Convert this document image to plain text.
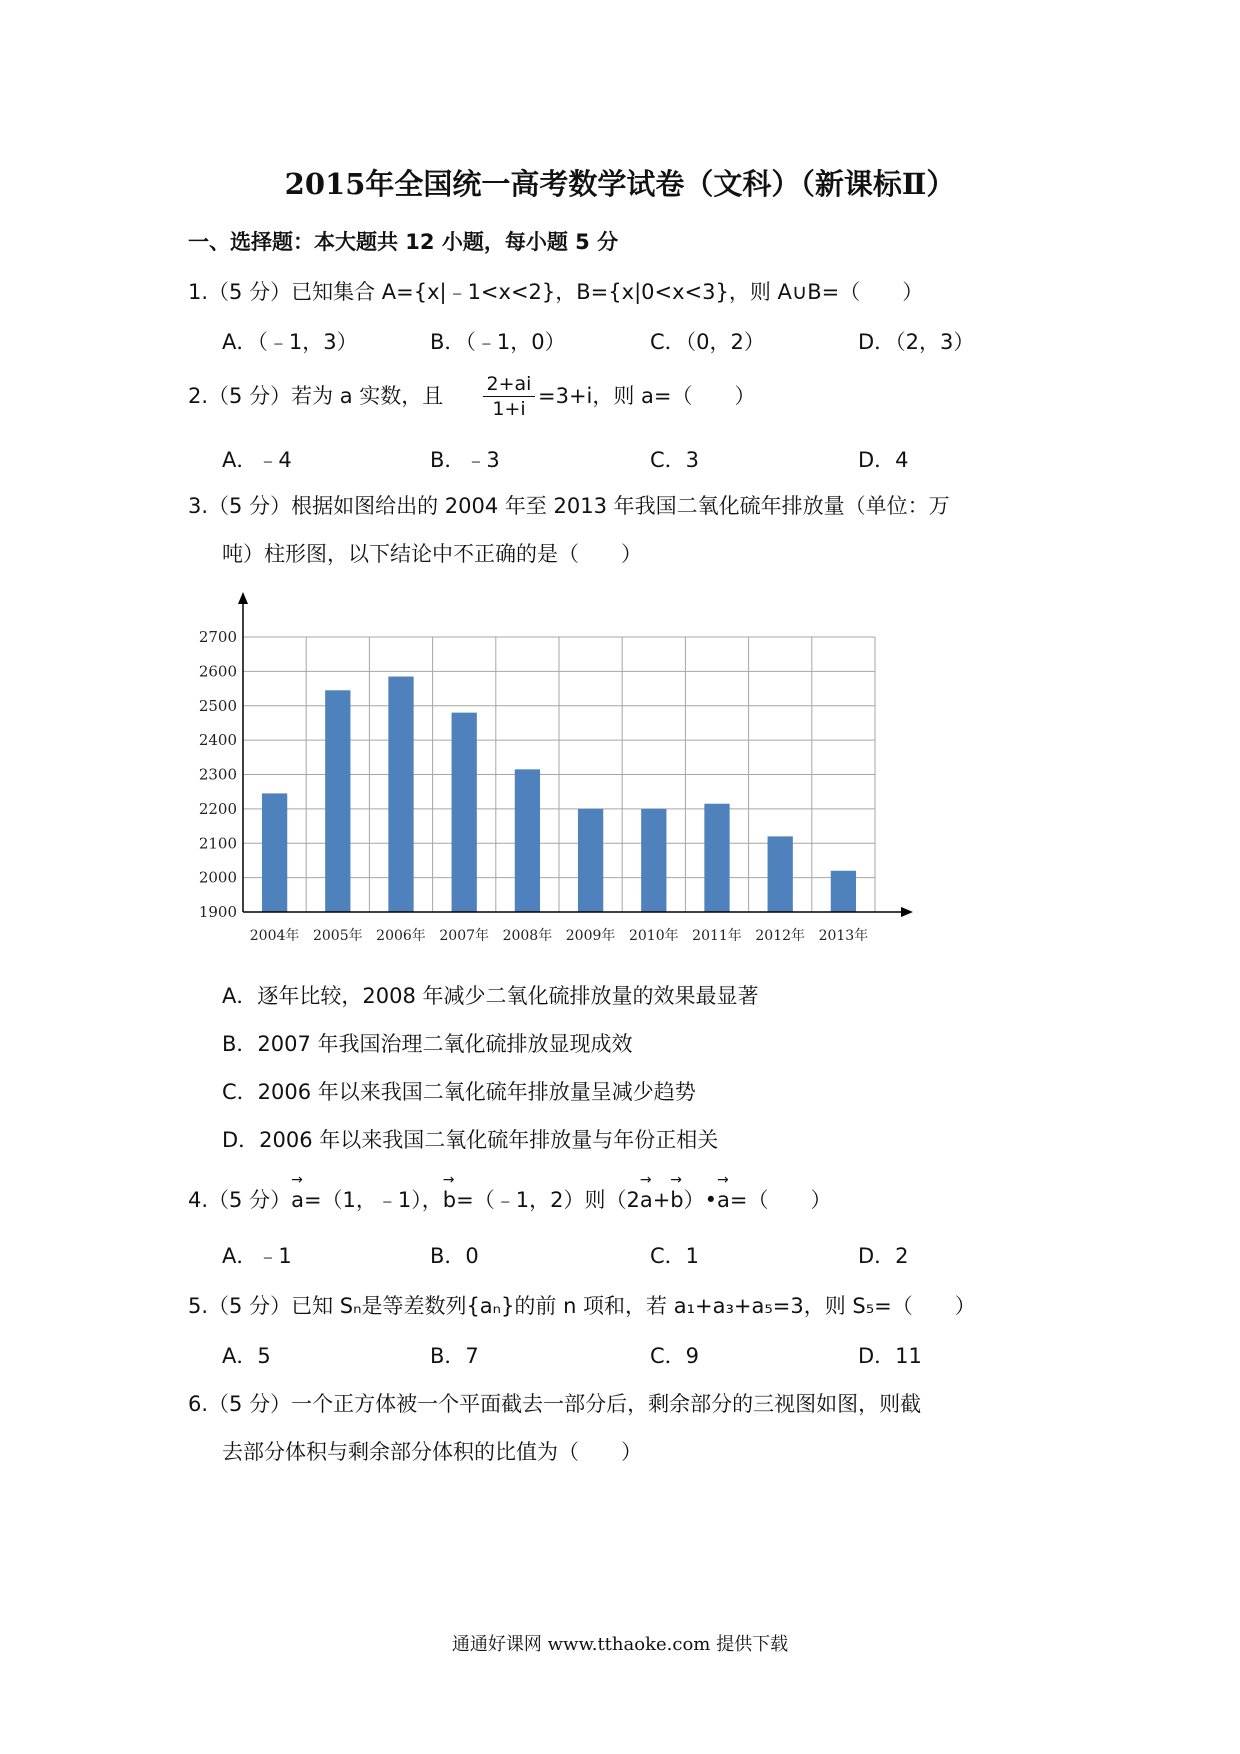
2015年全国统一高考数学试卷（文科）（新课标Ⅱ）
一、选择题：本大题共 12 小题，每小题 5 分
1.（5 分）已知集合 A={x|﹣1<x<2}，B={x|0<x<3}，则 A∪B=（　　）
A．（﹣1，3）	B．（﹣1，0）	C．（0，2）	D．（2，3）
2.（5 分）若为 a 实数，且 $\frac{2+ai}{1+i} =3+i$，则 a=（　　）
A．﹣4	B．﹣3	C．3	D．4
3.（5 分）根据如图给出的 2004 年至 2013 年我国二氧化硫年排放量（单位：万
吨）柱形图，以下结论中不正确的是（　　）
1900
2000
2100
2200
2300
2400
2500
2600
2700
2004年 2005年 2006年 2007年 2008年 2009年 2010年 2011年 2012年 2013年
A．逐年比较，2008 年减少二氧化硫排放量的效果最显著
B．2007 年我国治理二氧化硫排放显现成效
C．2006 年以来我国二氧化硫年排放量呈减少趋势
D．2006 年以来我国二氧化硫年排放量与年份正相关
4.（5 分）
→
a=（1，﹣1），
→
b=（﹣1，2）则（2
→
a+
→
b）•
→
a=（　　）
A．﹣1	B．0	C．1	D．2
5.（5 分）已知 Sₙ是等差数列{aₙ}的前 n 项和，若 a₁+a₃+a₅=3，则 S₅=（　　）
A．5	B．7	C．9	D．11
6.（5 分）一个正方体被一个平面截去一部分后，剩余部分的三视图如图，则截
去部分体积与剩余部分体积的比值为（　　）
通通好课网 www.tthaoke.com 提供下载
